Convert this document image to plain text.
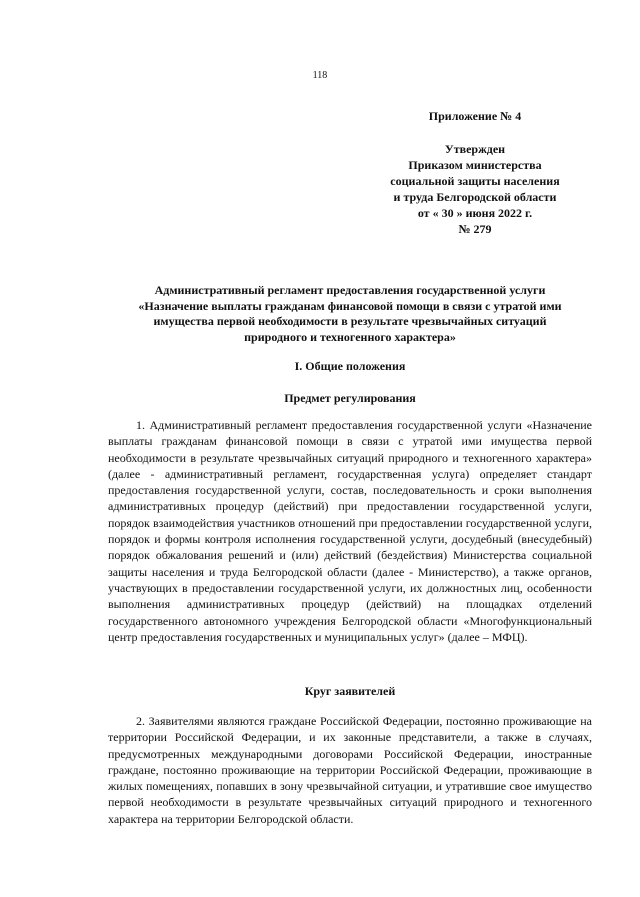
118
Приложение № 4
Утвержден
Приказом министерства
социальной защиты населения
и труда Белгородской области
от « 30 » июня 2022 г.
№ 279
Административный регламент предоставления государственной услуги
«Назначение выплаты гражданам финансовой помощи в связи с утратой ими
имущества первой необходимости в результате чрезвычайных ситуаций
природного и техногенного характера»
I. Общие положения
Предмет регулирования

1. Административный регламент предоставления государственной услуги «Назначение выплаты гражданам финансовой помощи в связи с утратой ими имущества первой необходимости в результате чрезвычайных ситуаций природного и техногенного характера» (далее - административный регламент, государственная услуга) определяет стандарт предоставления государственной услуги, состав, последовательность и сроки выполнения административных процедур (действий) при предоставлении государственной услуги, порядок взаимодействия участников отношений при предоставлении государственной услуги, порядок и формы контроля исполнения государственной услуги, досудебный (внесудебный) порядок обжалования решений и (или) действий (бездействия) Министерства социальной защиты населения и труда Белгородской области (далее - Министерство), а также органов, участвующих в предоставлении государственной услуги, их должностных лиц, особенности выполнения административных процедур (действий) на площадках отделений государственного автономного учреждения Белгородской области «Многофункциональный центр предоставления государственных и муниципальных услуг» (далее – МФЦ).

Круг заявителей

2. Заявителями являются граждане Российской Федерации, постоянно проживающие на территории Российской Федерации, и их законные представители, а также в случаях, предусмотренных международными договорами Российской Федерации, иностранные граждане, постоянно проживающие на территории Российской Федерации, проживающие в жилых помещениях, попавших в зону чрезвычайной ситуации, и утратившие свое имущество первой необходимости в результате чрезвычайных ситуаций природного и техногенного характера на территории Белгородской области.
